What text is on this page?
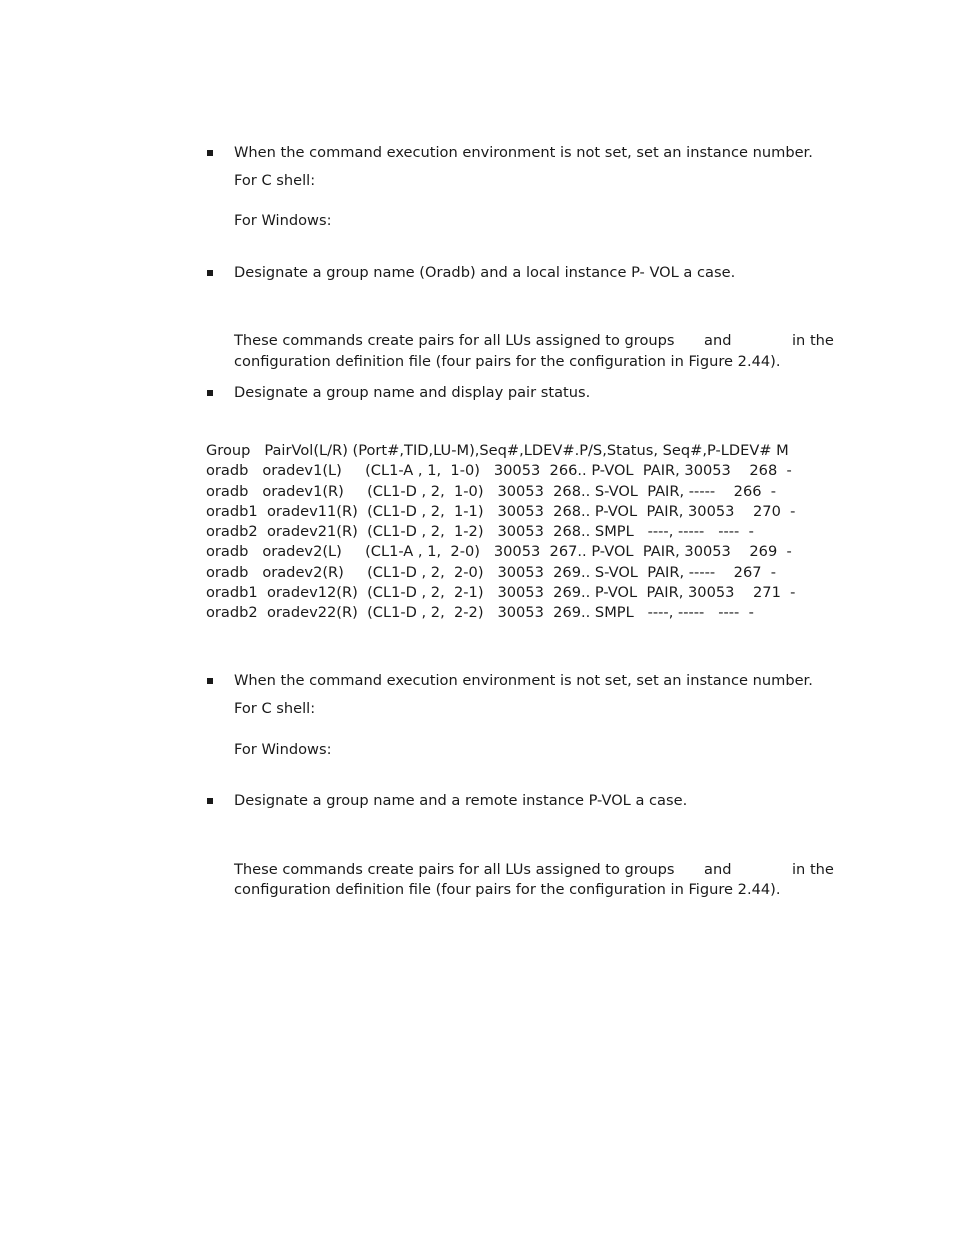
When the command execution environment is not set, set an instance number.
For C shell:
For Windows:
Designate a group name (Oradb) and a local instance P- VOL a case.
These commands create pairs for all LUs assigned to groups and	in the
configuration definition file (four pairs for the configuration in Figure 2.44).
Designate a group name and display pair status.
Group   PairVol(L/R) (Port#,TID,LU-M),Seq#,LDEV#.P/S,Status, Seq#,P-LDEV# M
oradb   oradev1(L)     (CL1-A , 1,  1-0)   30053  266.. P-VOL  PAIR, 30053    268  -
oradb   oradev1(R)     (CL1-D , 2,  1-0)   30053  268.. S-VOL  PAIR, -----    266  -
oradb1  oradev11(R)  (CL1-D , 2,  1-1)   30053  268.. P-VOL  PAIR, 30053    270  -
oradb2  oradev21(R)  (CL1-D , 2,  1-2)   30053  268.. SMPL   ----, -----   ----  -
oradb   oradev2(L)     (CL1-A , 1,  2-0)   30053  267.. P-VOL  PAIR, 30053    269  -
oradb   oradev2(R)     (CL1-D , 2,  2-0)   30053  269.. S-VOL  PAIR, -----    267  -
oradb1  oradev12(R)  (CL1-D , 2,  2-1)   30053  269.. P-VOL  PAIR, 30053    271  -
oradb2  oradev22(R)  (CL1-D , 2,  2-2)   30053  269.. SMPL   ----, -----   ----  -
When the command execution environment is not set, set an instance number.
For C shell:
For Windows:
Designate a group name and a remote instance P-VOL a case.
These commands create pairs for all LUs assigned to groups and	in the
configuration definition file (four pairs for the configuration in Figure 2.44).
